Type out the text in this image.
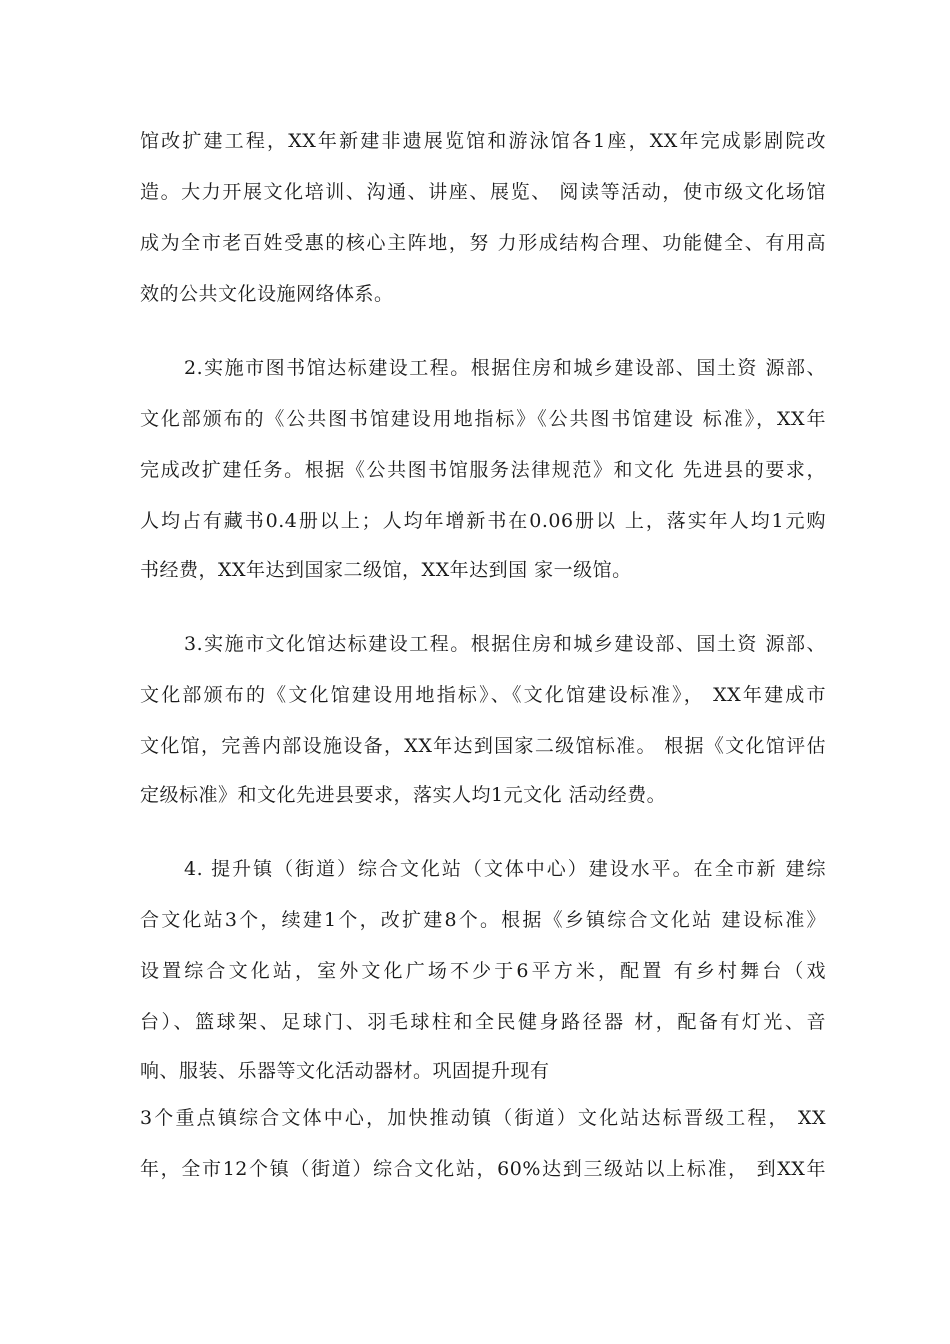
馆改扩建工程，XX年新建非遗展览馆和游泳馆各1座，XX年完成影剧院改
造。大力开展文化培训、沟通、讲座、展览、 阅读等活动，使市级文化场馆
成为全市老百姓受惠的核心主阵地，努 力形成结构合理、功能健全、有用高
效的公共文化设施网络体系。
2.实施市图书馆达标建设工程。根据住房和城乡建设部、国土资 源部、
文化部颁布的《公共图书馆建设用地指标》《公共图书馆建设 标准》，XX年
完成改扩建任务。根据《公共图书馆服务法律规范》和文化 先进县的要求，
人均占有藏书0.4册以上；人均年增新书在0.06册以 上，落实年人均1元购
书经费，XX年达到国家二级馆，XX年达到国 家一级馆。
3.实施市文化馆达标建设工程。根据住房和城乡建设部、国土资 源部、
文化部颁布的《文化馆建设用地指标》、《文化馆建设标准》， XX年建成市
文化馆，完善内部设施设备，XX年达到国家二级馆标准。 根据《文化馆评估
定级标准》和文化先进县要求，落实人均1元文化 活动经费。
4. 提升镇（街道）综合文化站（文体中心）建设水平。在全市新 建综
合文化站3个，续建1个，改扩建8个。根据《乡镇综合文化站 建设标准》
设置综合文化站，室外文化广场不少于6平方米，配置 有乡村舞台（戏
台）、篮球架、足球门、羽毛球柱和全民健身路径器 材，配备有灯光、音
响、服装、乐器等文化活动器材。巩固提升现有
3个重点镇综合文体中心，加快推动镇（街道）文化站达标晋级工程， XX
年，全市12个镇（街道）综合文化站，60%达到三级站以上标准， 到XX年
